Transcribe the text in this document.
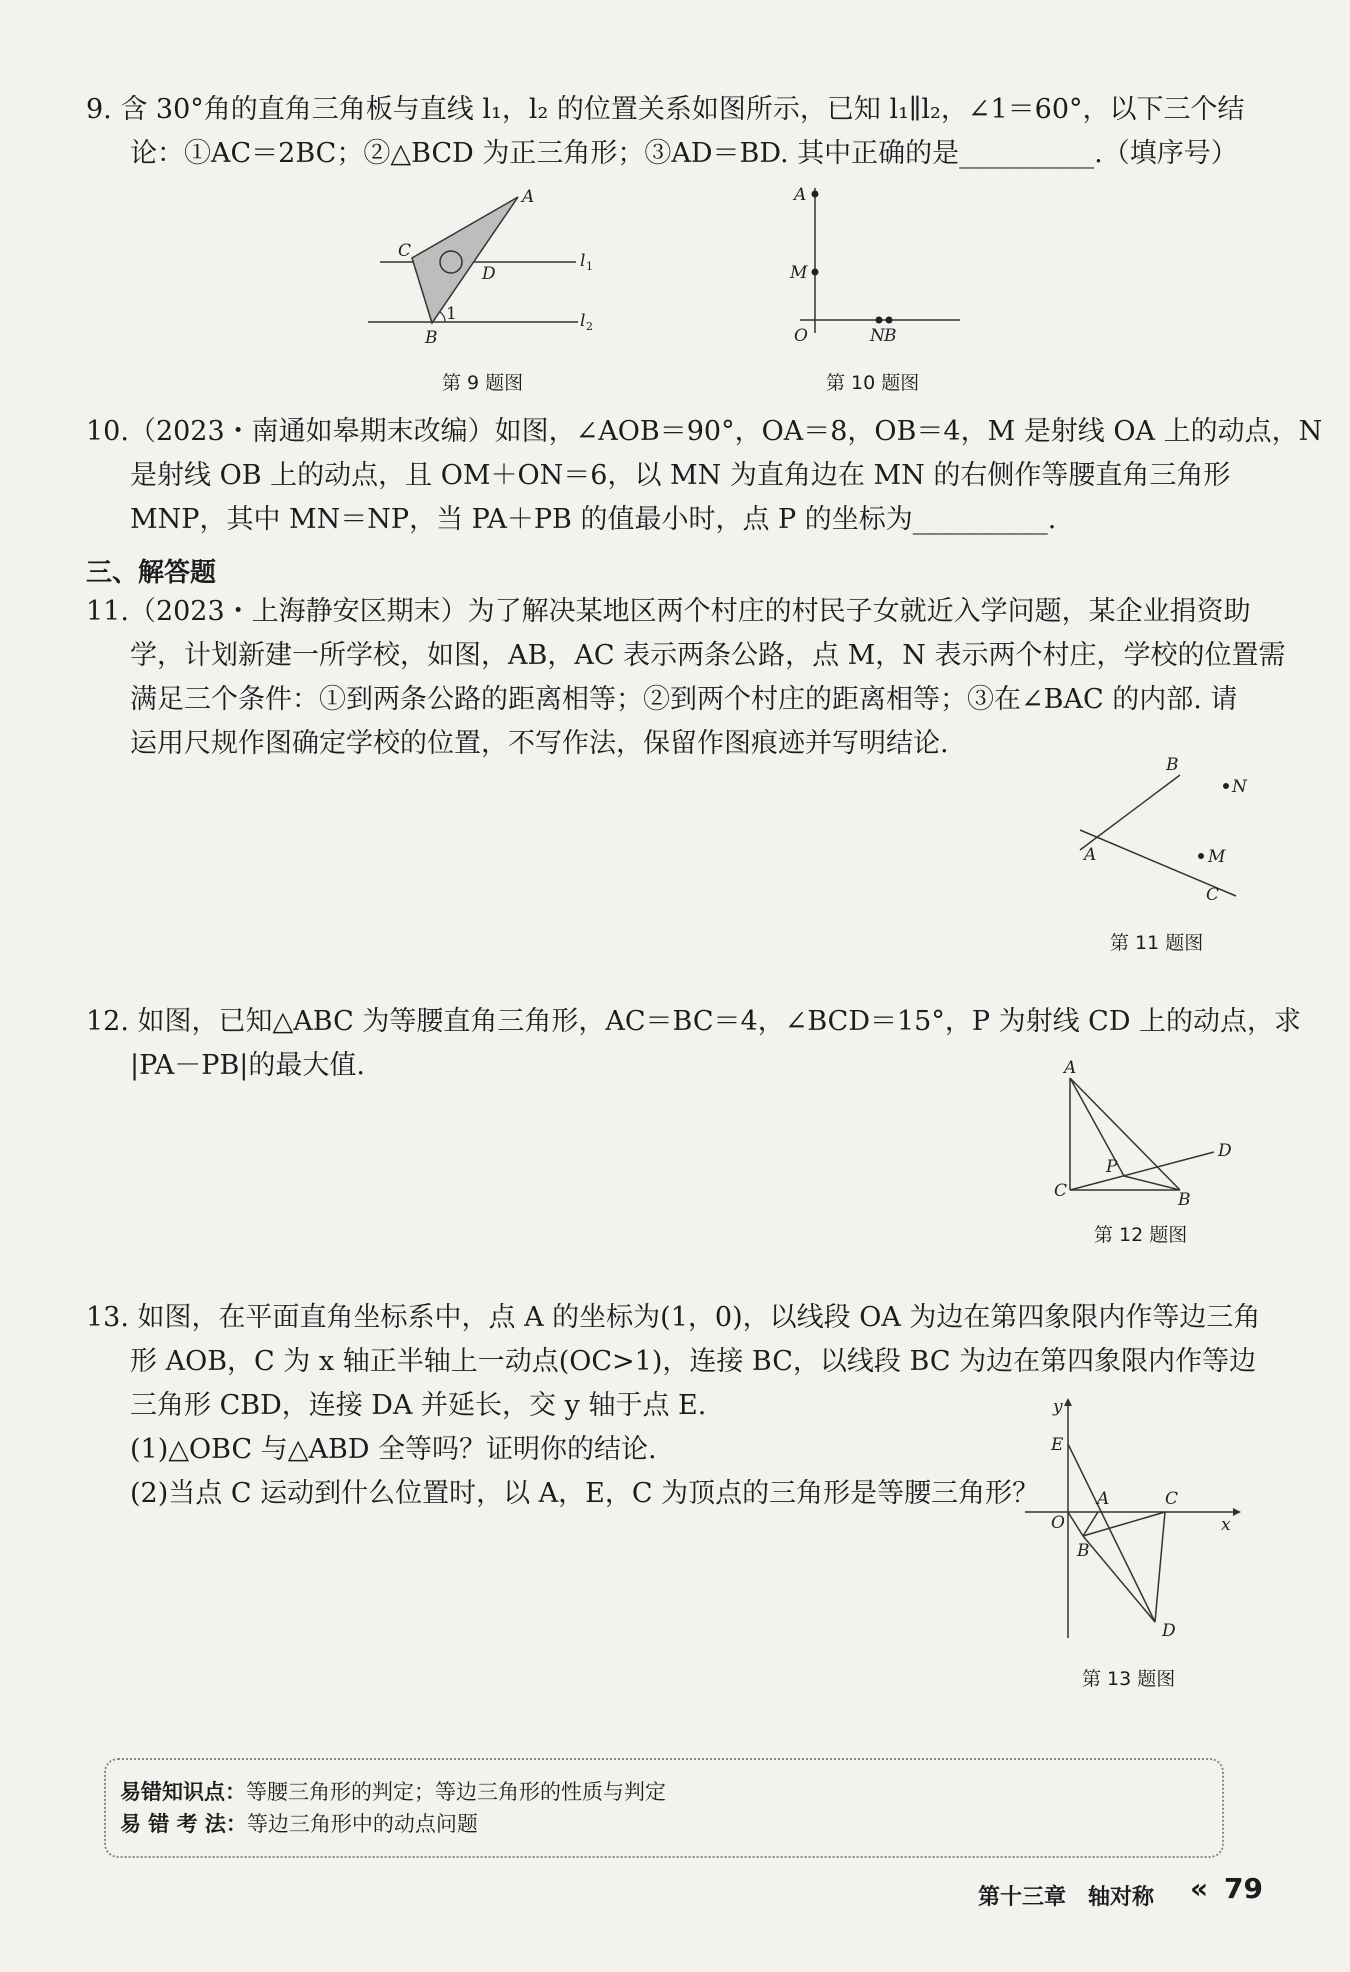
9. 含 30°角的直角三角板与直线 l₁，l₂ 的位置关系如图所示，已知 l₁∥l₂，∠1＝60°，以下三个结
论：①AC＝2BC；②△BCD 为正三角形；③AD＝BD. 其中正确的是__________.（填序号）
A
C
D
1
B
l 1
l 2
第 9 题图
A
M
O	N B
第 10 题图
10.（2023・南通如皋期末改编）如图，∠AOB＝90°，OA＝8，OB＝4，M 是射线 OA 上的动点，N
是射线 OB 上的动点，且 OM＋ON＝6，以 MN 为直角边在 MN 的右侧作等腰直角三角形
MNP，其中 MN＝NP，当 PA＋PB 的值最小时，点 P 的坐标为__________.
三、解答题
11.（2023・上海静安区期末）为了解决某地区两个村庄的村民子女就近入学问题，某企业捐资助
学，计划新建一所学校，如图，AB，AC 表示两条公路，点 M，N 表示两个村庄，学校的位置需
满足三个条件：①到两条公路的距离相等；②到两个村庄的距离相等；③在∠BAC 的内部. 请
运用尺规作图确定学校的位置，不写作法，保留作图痕迹并写明结论.
B
N
A	M
C
第 11 题图
12. 如图，已知△ABC 为等腰直角三角形，AC＝BC＝4，∠BCD＝15°，P 为射线 CD 上的动点，求
|PA－PB|的最大值.	A
D
P
C	B
第 12 题图
13. 如图，在平面直角坐标系中，点 A 的坐标为(1，0)，以线段 OA 为边在第四象限内作等边三角
形 AOB，C 为 x 轴正半轴上一动点(OC>1)，连接 BC，以线段 BC 为边在第四象限内作等边
三角形 CBD，连接 DA 并延长，交 y 轴于点 E.
(1)△OBC 与△ABD 全等吗？证明你的结论.
(2)当点 C 运动到什么位置时，以 A，E，C 为顶点的三角形是等腰三角形？
y
E
A	C
O	x
B
D
第 13 题图
易错知识点：等腰三角形的判定；等边三角形的性质与判定
易 错 考 法：等边三角形中的动点问题
第十三章　轴对称 « 79
